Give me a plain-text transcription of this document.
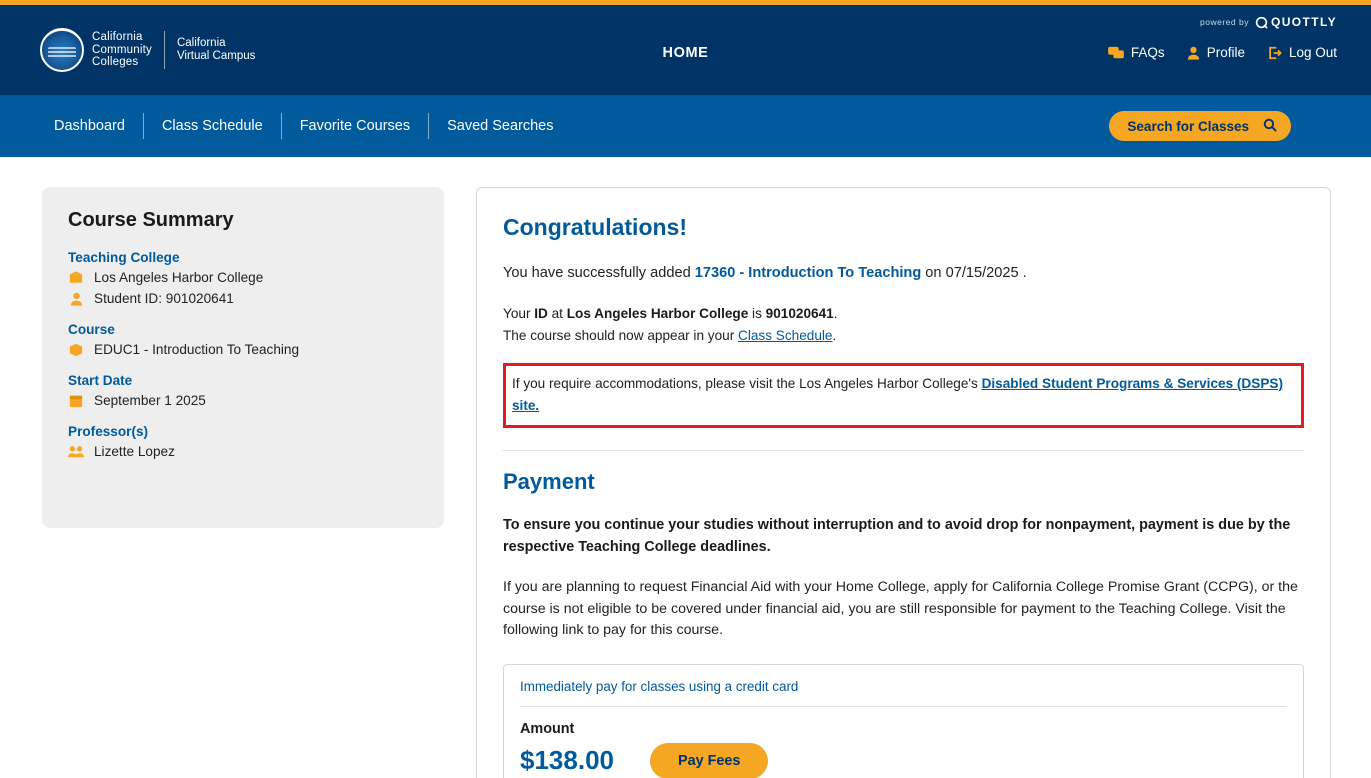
California
Community
Colleges
California
Virtual Campus	HOME
powered by QUOTTLY
FAQs	Profile	Log Out
Dashboard	Class Schedule	Favorite Courses	Saved Searches	Search for Classes
Course Summary
Teaching College
Los Angeles Harbor College
Student ID: 901020641
Course
EDUC1 - Introduction To Teaching
Start Date
September 1 2025
Professor(s)
Lizette Lopez
Congratulations!
You have successfully added 17360 - Introduction To Teaching on 07/15/2025 .
Your ID at Los Angeles Harbor College is 901020641.
The course should now appear in your Class Schedule.
If you require accommodations, please visit the Los Angeles Harbor College's Disabled Student Programs & Services (DSPS) site.
Payment
To ensure you continue your studies without interruption and to avoid drop for nonpayment, payment is due by the respective Teaching College deadlines.
If you are planning to request Financial Aid with your Home College, apply for California College Promise Grant (CCPG), or the course is not eligible to be covered under financial aid, you are still responsible for payment to the Teaching College. Visit the following link to pay for this course.
Immediately pay for classes using a credit card
Amount
$138.00	Pay Fees
